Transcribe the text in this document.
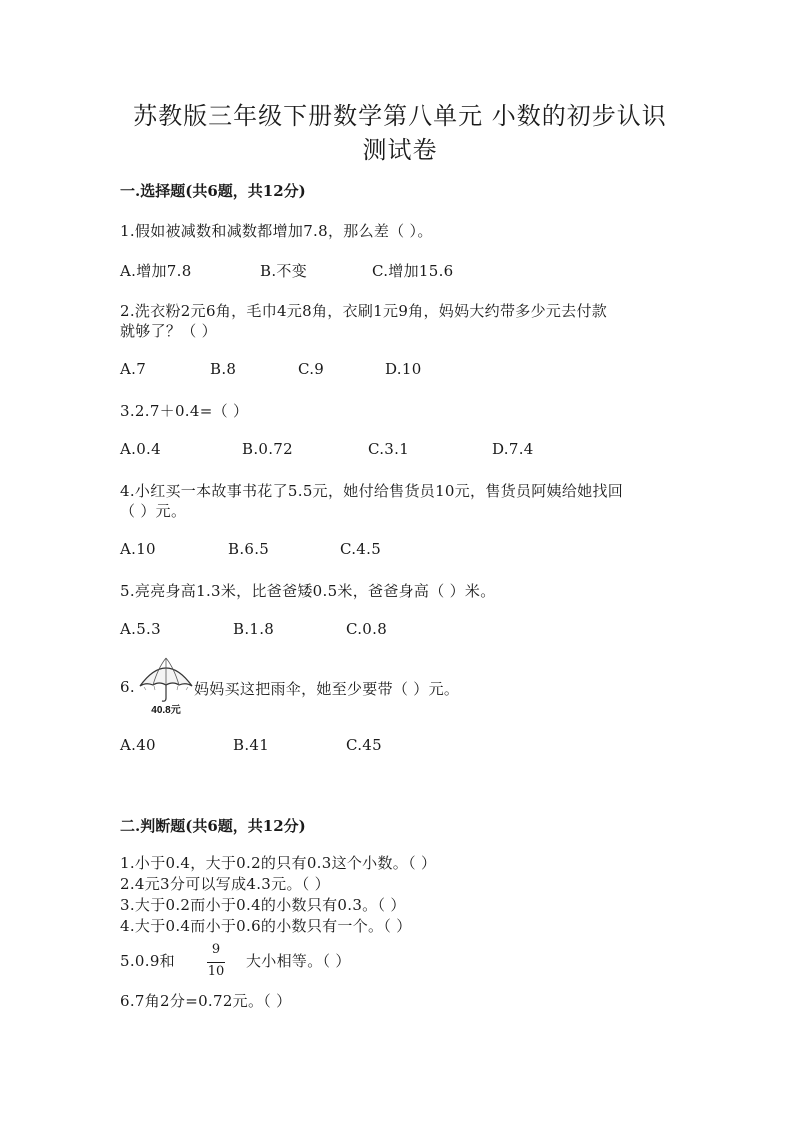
苏教版三年级下册数学第八单元 小数的初步认识
测试卷
一.选择题(共6题，共12分)
1.假如被减数和减数都增加7.8，那么差（ ）。
A.增加7.8	B.不变	C.增加15.6
2.洗衣粉2元6角，毛巾4元8角，衣刷1元9角，妈妈大约带多少元去付款
就够了？（ ）
A.7	B.8	C.9	D.10
3.2.7＋0.4=（ ）
A.0.4	B.0.72	C.3.1	D.7.4
4.小红买一本故事书花了5.5元，她付给售货员10元，售货员阿姨给她找回
（ ）元。
A.10	B.6.5	C.4.5
5.亮亮身高1.3米，比爸爸矮0.5米，爸爸身高（ ）米。
A.5.3	B.1.8	C.0.8
6.
40.8元
妈妈买这把雨伞，她至少要带（ ）元。
A.40	B.41	C.45
二.判断题(共6题，共12分)
1.小于0.4，大于0.2的只有0.3这个小数。（ ）
2.4元3分可以写成4.3元。（ ）
3.大于0.2而小于0.4的小数只有0.3。（ ）
4.大于0.4而小于0.6的小数只有一个。（ ）
5.0.9和
9
10
大小相等。（ ）
6.7角2分=0.72元。（ ）
